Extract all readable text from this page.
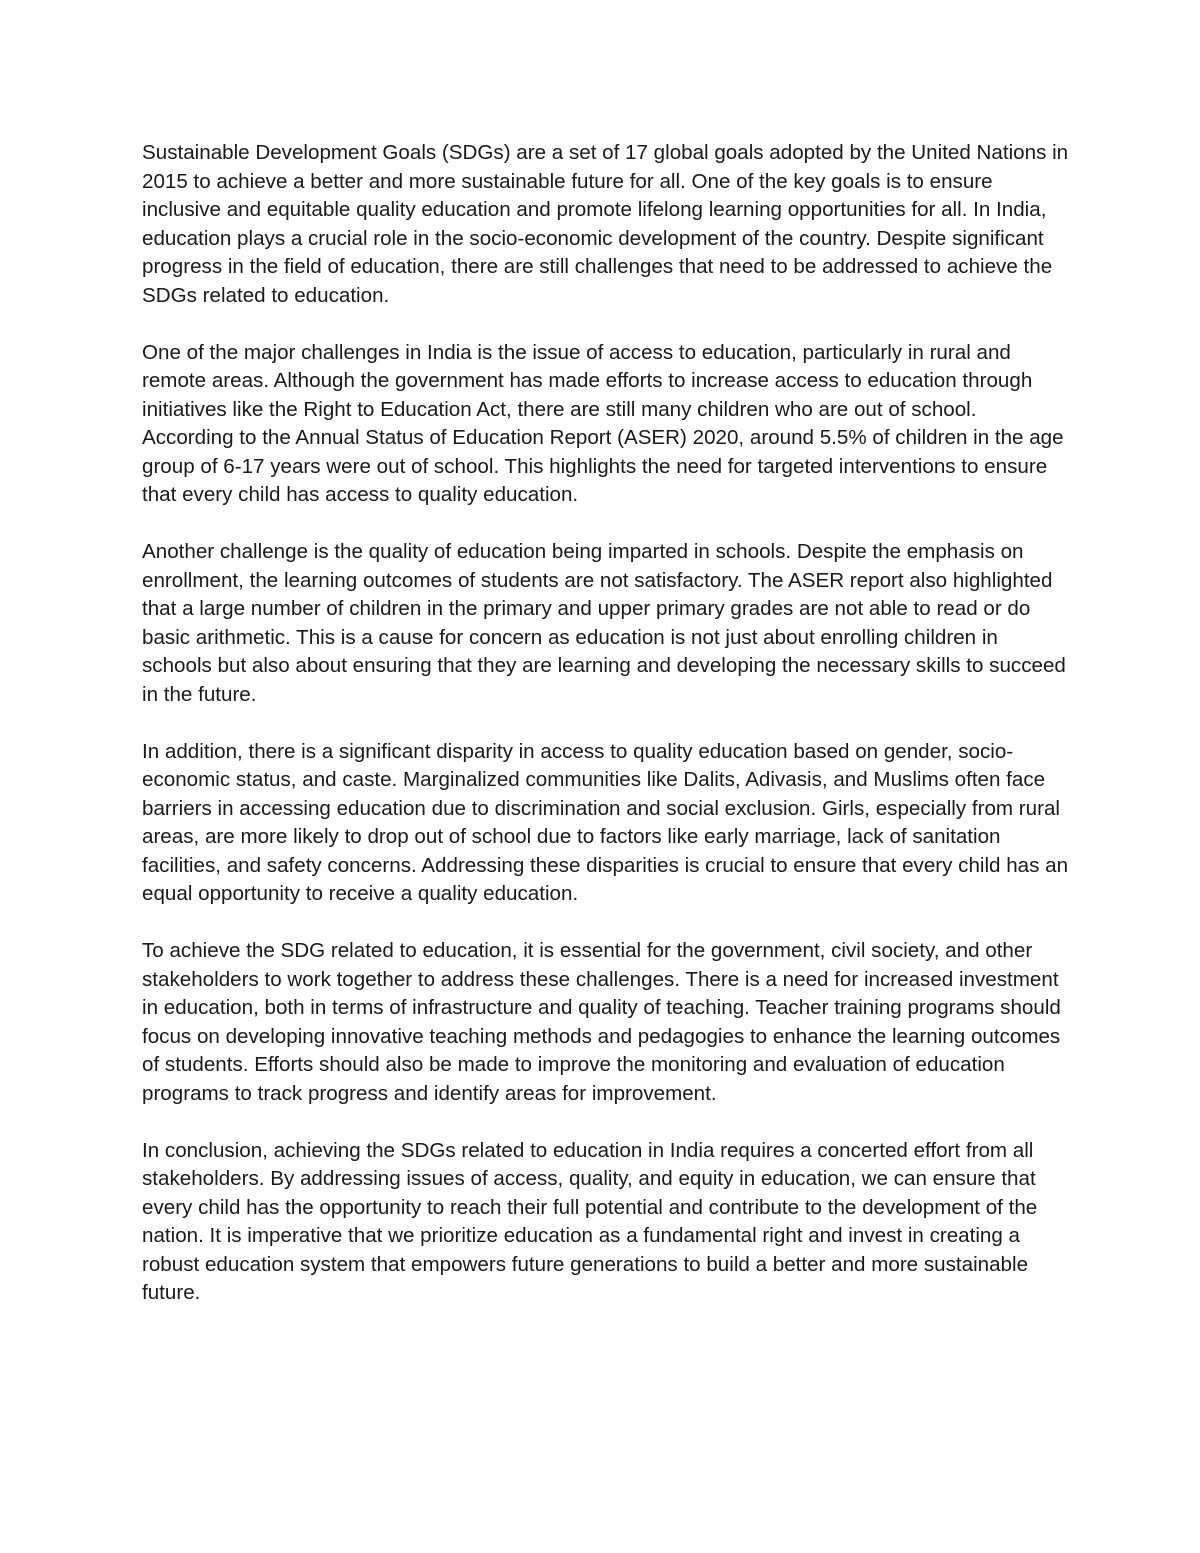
Sustainable Development Goals (SDGs) are a set of 17 global goals adopted by the United Nations in 2015 to achieve a better and more sustainable future for all. One of the key goals is to ensure inclusive and equitable quality education and promote lifelong learning opportunities for all. In India, education plays a crucial role in the socio-economic development of the country. Despite significant progress in the field of education, there are still challenges that need to be addressed to achieve the SDGs related to education.

One of the major challenges in India is the issue of access to education, particularly in rural and remote areas. Although the government has made efforts to increase access to education through initiatives like the Right to Education Act, there are still many children who are out of school. According to the Annual Status of Education Report (ASER) 2020, around 5.5% of children in the age group of 6-17 years were out of school. This highlights the need for targeted interventions to ensure that every child has access to quality education.

Another challenge is the quality of education being imparted in schools. Despite the emphasis on enrollment, the learning outcomes of students are not satisfactory. The ASER report also highlighted that a large number of children in the primary and upper primary grades are not able to read or do basic arithmetic. This is a cause for concern as education is not just about enrolling children in schools but also about ensuring that they are learning and developing the necessary skills to succeed in the future.

In addition, there is a significant disparity in access to quality education based on gender, socio-economic status, and caste. Marginalized communities like Dalits, Adivasis, and Muslims often face barriers in accessing education due to discrimination and social exclusion. Girls, especially from rural areas, are more likely to drop out of school due to factors like early marriage, lack of sanitation facilities, and safety concerns. Addressing these disparities is crucial to ensure that every child has an equal opportunity to receive a quality education.

To achieve the SDG related to education, it is essential for the government, civil society, and other stakeholders to work together to address these challenges. There is a need for increased investment in education, both in terms of infrastructure and quality of teaching. Teacher training programs should focus on developing innovative teaching methods and pedagogies to enhance the learning outcomes of students. Efforts should also be made to improve the monitoring and evaluation of education programs to track progress and identify areas for improvement.

In conclusion, achieving the SDGs related to education in India requires a concerted effort from all stakeholders. By addressing issues of access, quality, and equity in education, we can ensure that every child has the opportunity to reach their full potential and contribute to the development of the nation. It is imperative that we prioritize education as a fundamental right and invest in creating a robust education system that empowers future generations to build a better and more sustainable future.
